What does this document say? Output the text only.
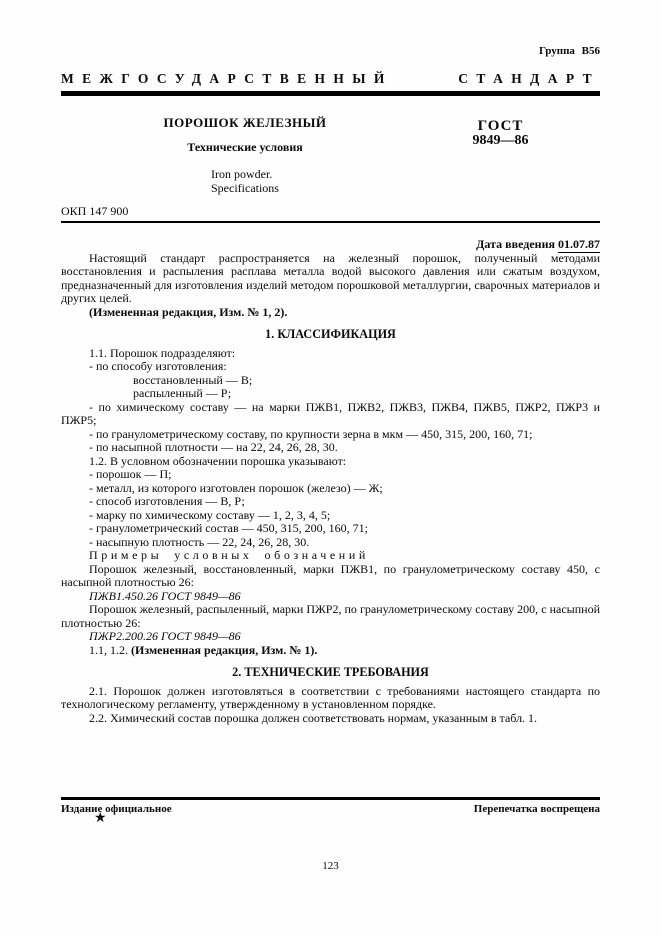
Группа В56
МЕЖГОСУДАРСТВЕННЫЙ	СТАНДАРТ
ПОРОШОК ЖЕЛЕЗНЫЙ
Технические условия
Iron powder.
Specifications
ГОСТ
9849—86
ОКП 147 900
Дата введения 01.07.87

Настоящий стандарт распространяется на железный порошок, полученный методами восстановления и распыления расплава металла водой высокого давления или сжатым воздухом, предназначенный для изготовления изделий методом порошковой металлургии, сварочных материалов и других целей.

(Измененная редакция, Изм. № 1, 2).

1. КЛАССИФИКАЦИЯ

1.1. Порошок подразделяют:

- по способу изготовления:

восстановленный — В;

распыленный — Р;

- по химическому составу — на марки ПЖВ1, ПЖВ2, ПЖВ3, ПЖВ4, ПЖВ5, ПЖР2, ПЖР3 и ПЖР5;

- по гранулометрическому составу, по крупности зерна в мкм — 450, 315, 200, 160, 71;

- по насыпной плотности — на 22, 24, 26, 28, 30.

1.2. В условном обозначении порошка указывают:

- порошок — П;

- металл, из которого изготовлен порошок (железо) — Ж;

- способ изготовления — В, Р;

- марку по химическому составу — 1, 2, 3, 4, 5;

- гранулометрический состав — 450, 315, 200, 160, 71;

- насыпную плотность — 22, 24, 26, 28, 30.

Примеры условных обозначений

Порошок железный, восстановленный, марки ПЖВ1, по гранулометрическому составу 450, с насыпной плотностью 26:

ПЖВ1.450.26 ГОСТ 9849—86

Порошок железный, распыленный, марки ПЖР2, по гранулометрическому составу 200, с насыпной плотностью 26:

ПЖР2.200.26 ГОСТ 9849—86

1.1, 1.2. (Измененная редакция, Изм. № 1).

2. ТЕХНИЧЕСКИЕ ТРЕБОВАНИЯ

2.1. Порошок должен изготовляться в соответствии с требованиями настоящего стандарта по технологическому регламенту, утвержденному в установленном порядке.

2.2. Химический состав порошка должен соответствовать нормам, указанным в табл. 1.

Издание официальное	Перепечатка воспрещена
★
123
